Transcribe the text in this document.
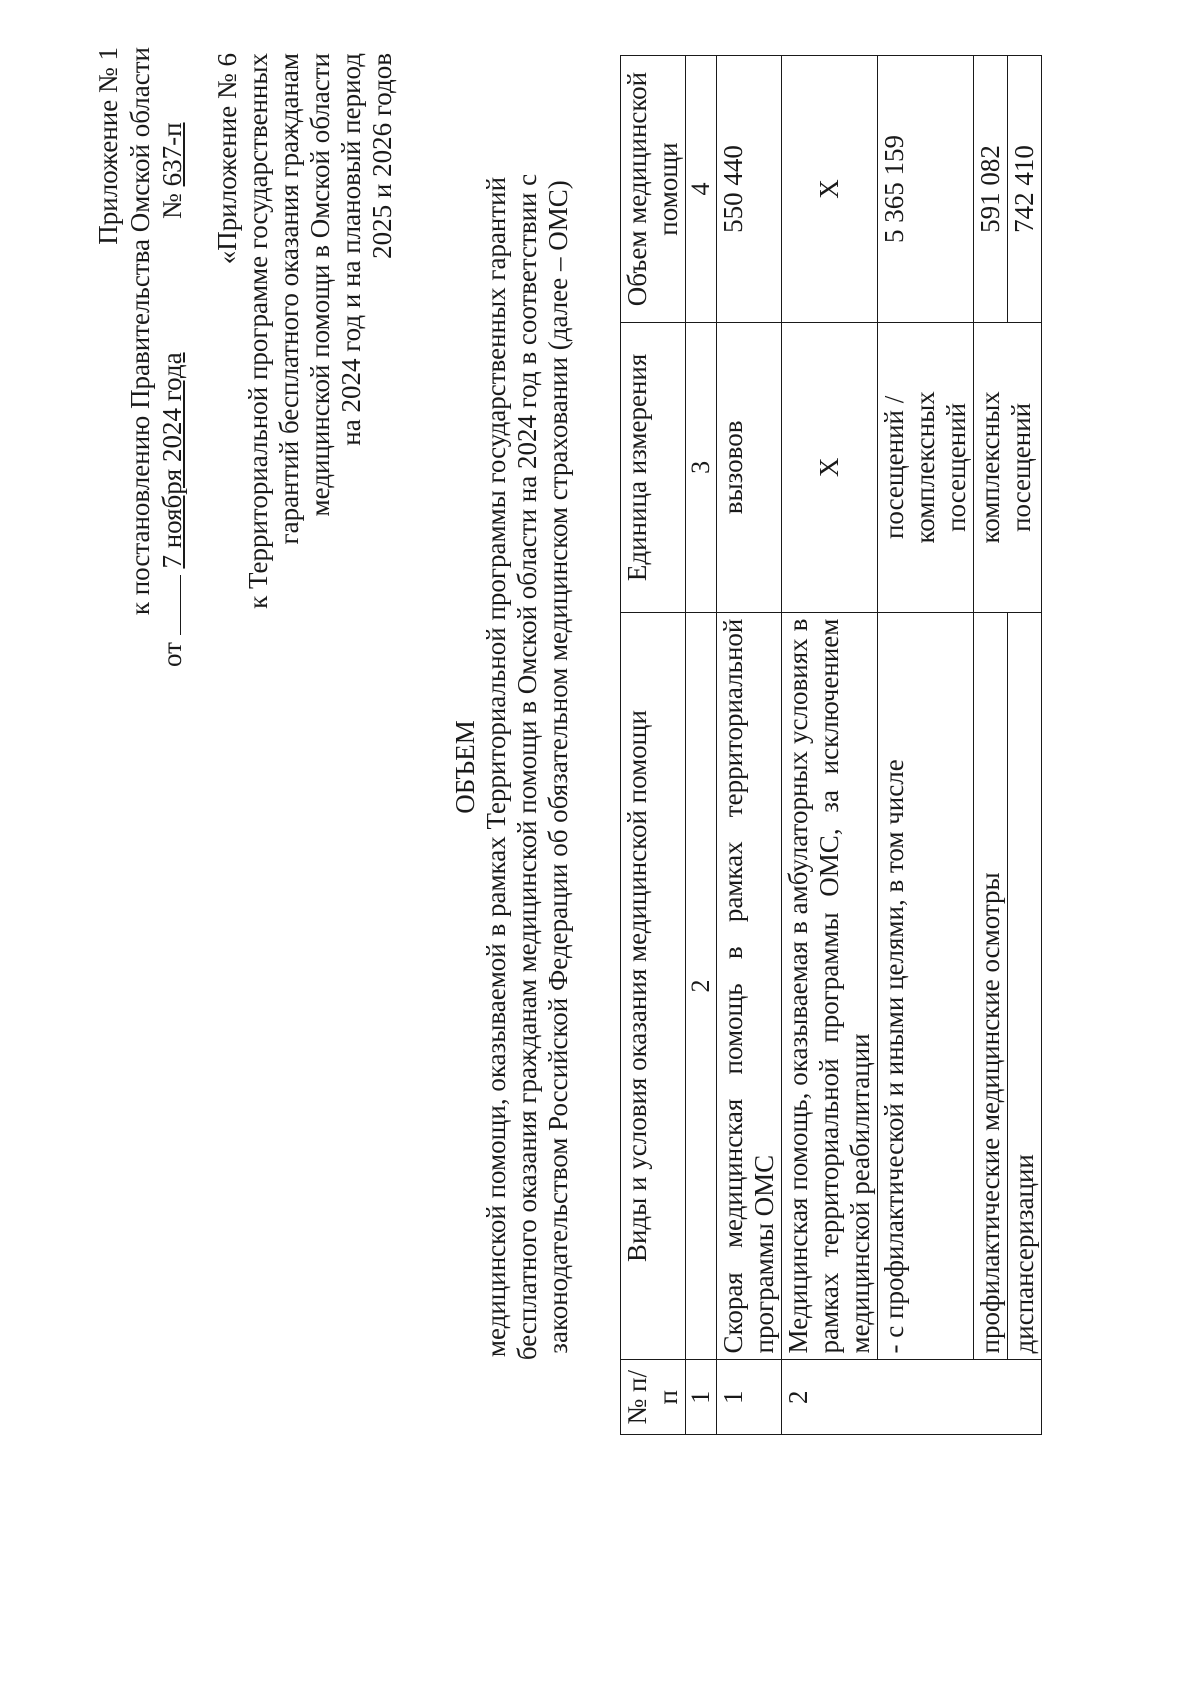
Приложение № 1 к постановлению Правительства Омской области
от  7 ноября 2024 года  № 637-п «Приложение № 6 к Территориальной программе государственных гарантий бесплатного оказания гражданам медицинской помощи в Омской области на 2024 год и на плановый период 2025 и 2026 годов
ОБЪЕМ медицинской помощи, оказываемой в рамках Территориальной программы государственных гарантий бесплатного оказания гражданам медицинской помощи в Омской области на 2024 год в соответствии с законодательством Российской Федерации об обязательном медицинском страховании (далее – ОМС)
№ п/п	Виды и условия оказания медицинской помощи	Единица измерения	Объем медицинской помощи
1	2	3	4
1	Скорая медицинская помощь в рамках территориальной программы ОМС	вызовов	550 440
2	Медицинская помощь, оказываемая в амбулаторных условиях в рамках территориальной программы ОМС, за исключением медицинской реабилитации	Х	Х
	- с профилактической и иными целями, в том числе	посещений / комплексных посещений	5 365 159
	профилактические медицинские осмотры	комплексных посещений	591 082
	диспансеризации		742 410
